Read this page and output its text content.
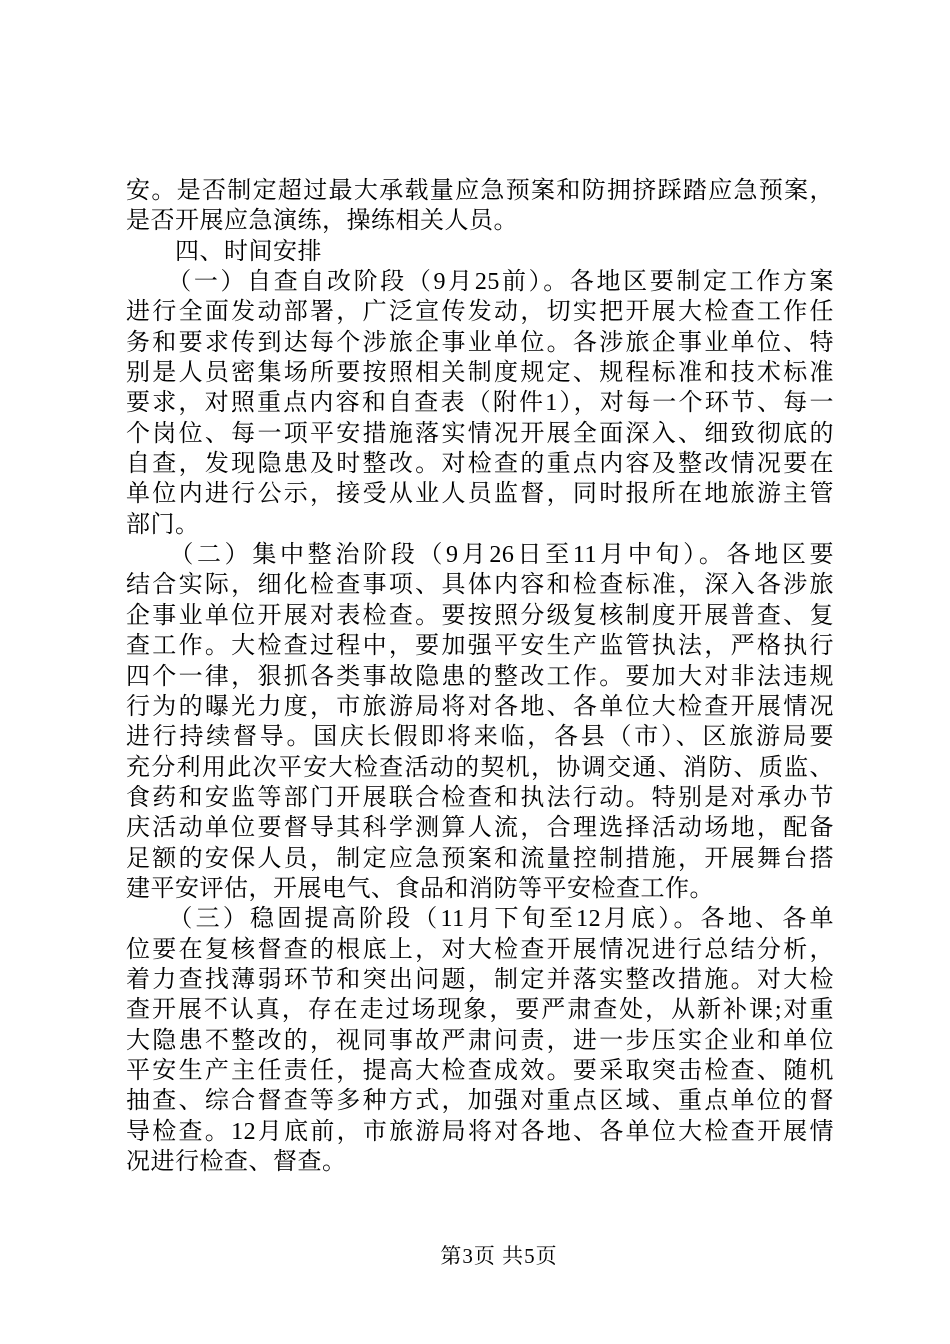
安。是否制定超过最大承载量应急预案和防拥挤踩踏应急预案，
是否开展应急演练，操练相关人员。
　　四、时间安排
　　（一）自查自改阶段（9月25前）。各地区要制定工作方案
进行全面发动部署，广泛宣传发动，切实把开展大检查工作任
务和要求传到达每个涉旅企事业单位。各涉旅企事业单位、特
别是人员密集场所要按照相关制度规定、规程标准和技术标准
要求，对照重点内容和自查表（附件1），对每一个环节、每一
个岗位、每一项平安措施落实情况开展全面深入、细致彻底的
自查，发现隐患及时整改。对检查的重点内容及整改情况要在
单位内进行公示，接受从业人员监督，同时报所在地旅游主管
部门。
　　（二）集中整治阶段（9月26日至11月中旬）。各地区要
结合实际，细化检查事项、具体内容和检查标准，深入各涉旅
企事业单位开展对表检查。要按照分级复核制度开展普查、复
查工作。大检查过程中，要加强平安生产监管执法，严格执行
四个一律，狠抓各类事故隐患的整改工作。要加大对非法违规
行为的曝光力度，市旅游局将对各地、各单位大检查开展情况
进行持续督导。国庆长假即将来临，各县（市）、区旅游局要
充分利用此次平安大检查活动的契机，协调交通、消防、质监、
食药和安监等部门开展联合检查和执法行动。特别是对承办节
庆活动单位要督导其科学测算人流，合理选择活动场地，配备
足额的安保人员，制定应急预案和流量控制措施，开展舞台搭
建平安评估，开展电气、食品和消防等平安检查工作。
　　（三）稳固提高阶段（11月下旬至12月底）。各地、各单
位要在复核督查的根底上，对大检查开展情况进行总结分析，
着力查找薄弱环节和突出问题，制定并落实整改措施。对大检
查开展不认真，存在走过场现象，要严肃查处，从新补课;对重
大隐患不整改的，视同事故严肃问责，进一步压实企业和单位
平安生产主任责任，提高大检查成效。要采取突击检查、随机
抽查、综合督查等多种方式，加强对重点区域、重点单位的督
导检查。12月底前，市旅游局将对各地、各单位大检查开展情
况进行检查、督查。
第3页 共5页
